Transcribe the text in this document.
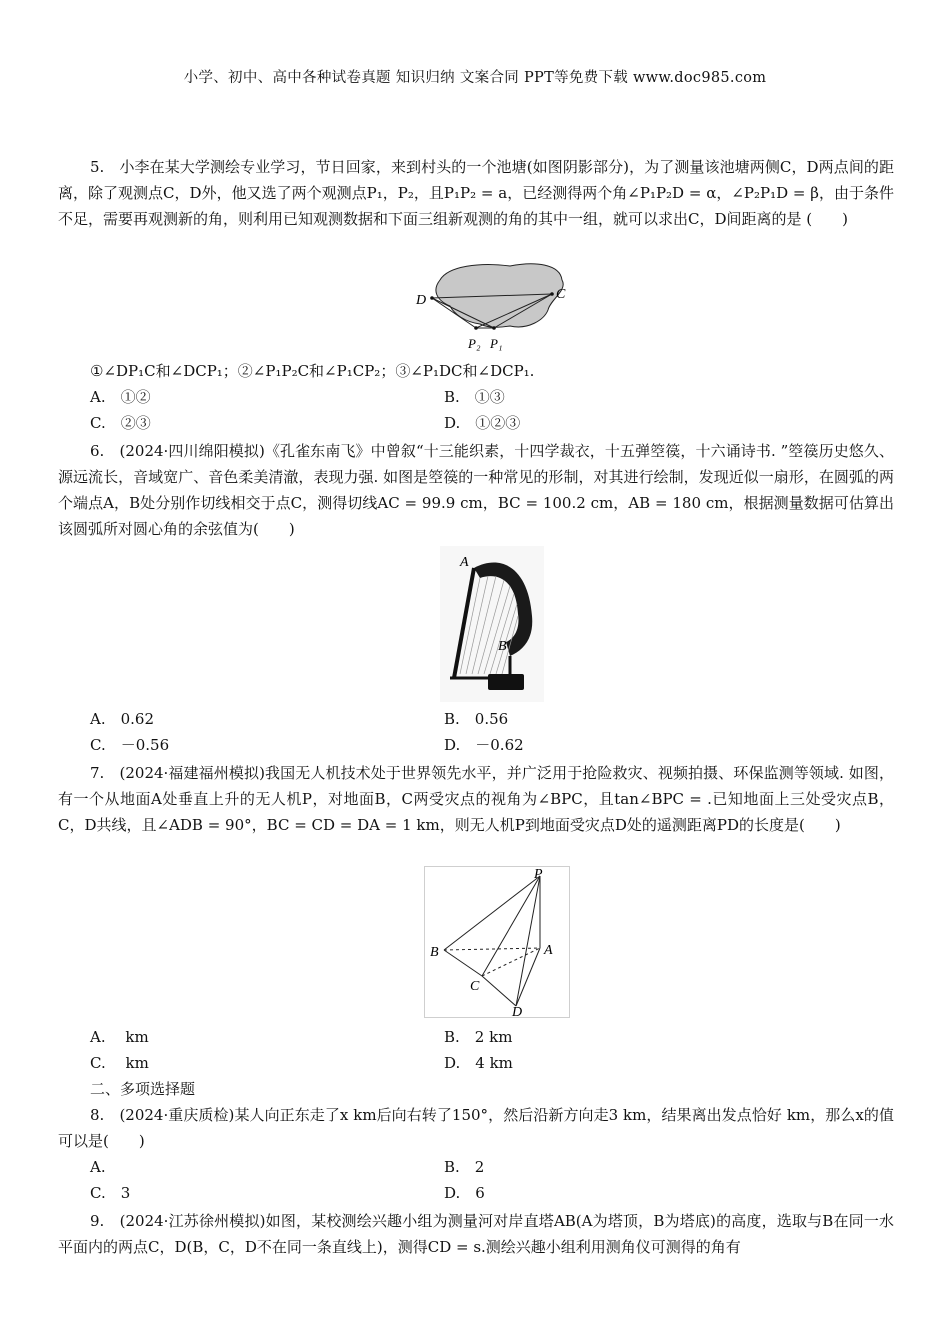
小学、初中、高中各种试卷真题 知识归纳 文案合同 PPT等免费下载 www.doc985.com
5.　小李在某大学测绘专业学习，节日回家，来到村头的一个池塘(如图阴影部分)，为了测量该池塘两侧C，D两点间的距离，除了观测点C，D外，他又选了两个观测点P₁，P₂，且P₁P₂ = a，已经测得两个角∠P₁P₂D = α，∠P₂P₁D = β，由于条件不足，需要再观测新的角，则利用已知观测数据和下面三组新观测的角的其中一组，就可以求出C，D间距离的是 (　　)
D	C
P₂ P₁
①∠DP₁C和∠DCP₁；②∠P₁P₂C和∠P₁CP₂；③∠P₁DC和∠DCP₁.
A.　①②	B.　①③
C.　②③	D.　①②③
6.　(2024·四川绵阳模拟)《孔雀东南飞》中曾叙“十三能织素，十四学裁衣，十五弹箜篌，十六诵诗书. ”箜篌历史悠久、源远流长，音域宽广、音色柔美清澈，表现力强. 如图是箜篌的一种常见的形制，对其进行绘制，发现近似一扇形，在圆弧的两个端点A，B处分别作切线相交于点C，测得切线AC = 99.9 cm，BC = 100.2 cm，AB = 180 cm，根据测量数据可估算出该圆弧所对圆心角的余弦值为(　　)
A
B
A.　0.62	B.　0.56
C.　－0.56	D.　－0.62
7.　(2024·福建福州模拟)我国无人机技术处于世界领先水平，并广泛用于抢险救灾、视频拍摄、环保监测等领域. 如图，有一个从地面A处垂直上升的无人机P，对地面B，C两受灾点的视角为∠BPC，且tan∠BPC = .已知地面上三处受灾点B，C，D共线，且∠ADB = 90°，BC = CD = DA = 1 km，则无人机P到地面受灾点D处的遥测距离PD的长度是(　　)
P
B	A
C
D
A.　 km	B.　2 km
C.　 km	D.　4 km
二、多项选择题
8.　(2024·重庆质检)某人向正东走了x km后向右转了150°，然后沿新方向走3 km，结果离出发点恰好 km，那么x的值可以是(　　)
A.	B.　2
C.　3	D.　6
9.　(2024·江苏徐州模拟)如图，某校测绘兴趣小组为测量河对岸直塔AB(A为塔顶，B为塔底)的高度，选取与B在同一水平面内的两点C，D(B，C，D不在同一条直线上)，测得CD = s.测绘兴趣小组利用测角仪可测得的角有
